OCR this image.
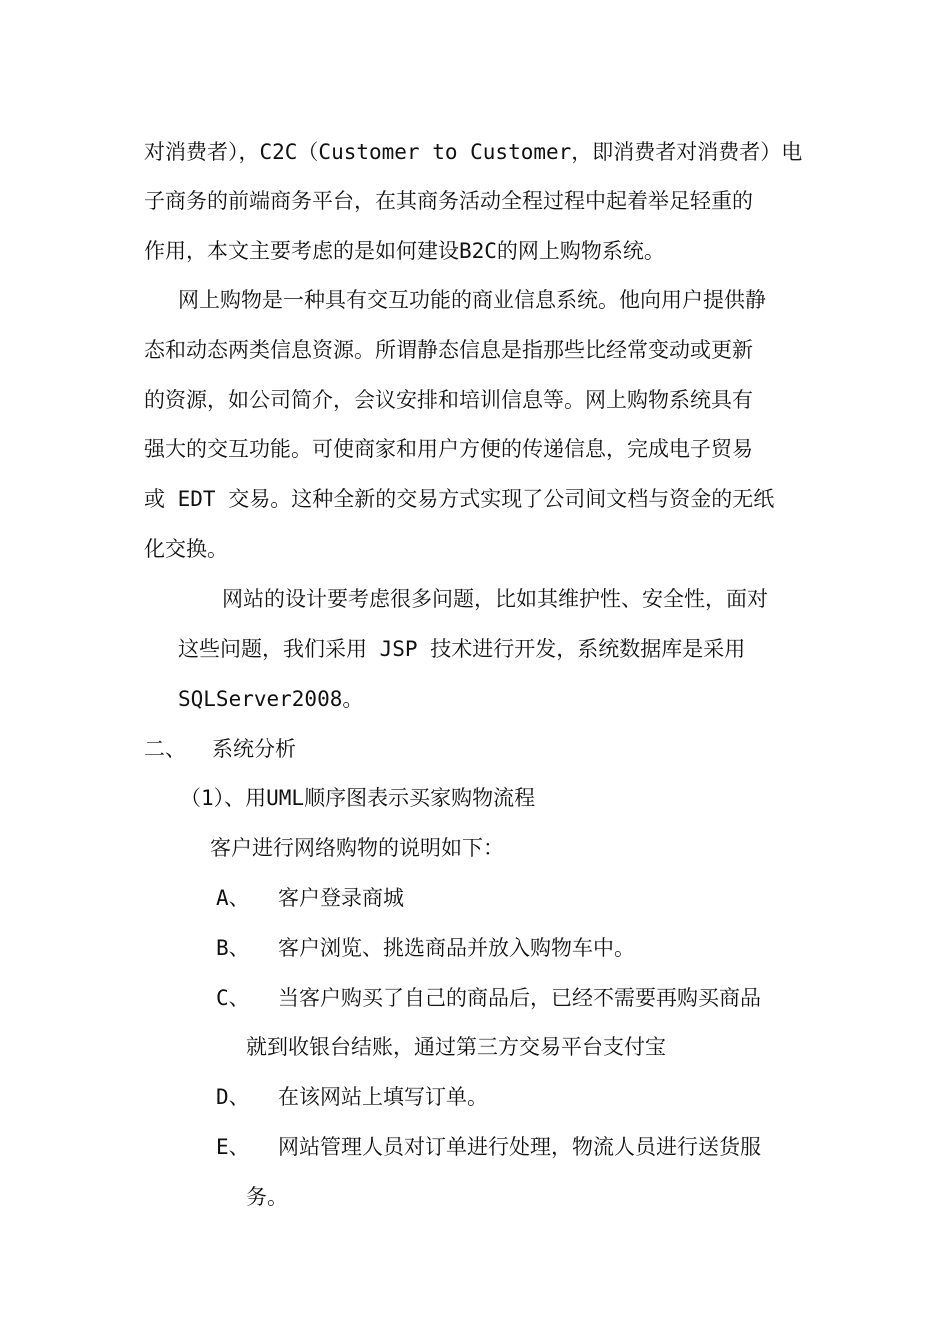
对消费者），C2C（Customer to Customer，即消费者对消费者）电
子商务的前端商务平台，在其商务活动全程过程中起着举足轻重的
作用，本文主要考虑的是如何建设B2C的网上购物系统。
网上购物是一种具有交互功能的商业信息系统。他向用户提供静
态和动态两类信息资源。所谓静态信息是指那些比经常变动或更新
的资源，如公司简介，会议安排和培训信息等。网上购物系统具有
强大的交互功能。可使商家和用户方便的传递信息，完成电子贸易
或 EDT 交易。这种全新的交易方式实现了公司间文档与资金的无纸
化交换。
网站的设计要考虑很多问题，比如其维护性、安全性，面对
这些问题，我们采用 JSP 技术进行开发，系统数据库是采用
SQLServer2008。
二、 系统分析
（1）、用UML顺序图表示买家购物流程
客户进行网络购物的说明如下：
A、 客户登录商城
B、 客户浏览、挑选商品并放入购物车中。
C、 当客户购买了自己的商品后，已经不需要再购买商品
就到收银台结账，通过第三方交易平台支付宝
D、 在该网站上填写订单。
E、 网站管理人员对订单进行处理，物流人员进行送货服
务。
